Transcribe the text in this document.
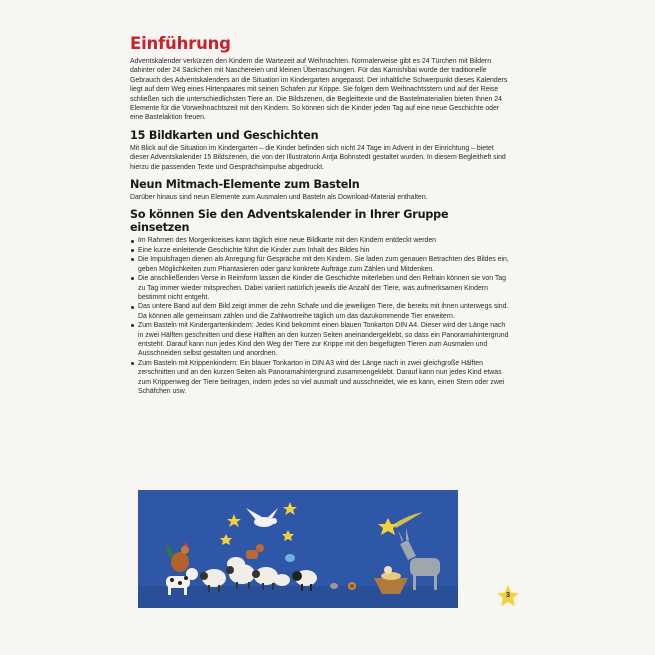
Einführung

Adventskalender verkürzen den Kindern die Wartezeit auf Weihnachten. Normalerweise gibt es 24 Türchen mit Bildern dahinter oder 24 Säckchen mit Naschereien und kleinen Überraschungen. Für das Kamishibai wurde der traditionelle Gebrauch des Adventskalenders an die Situation im Kindergarten angepasst. Der inhaltliche Schwerpunkt dieses Kalenders liegt auf dem Weg eines Hirtenpaares mit seinen Schafen zur Krippe. Sie folgen dem Weihnachtsstern und auf der Reise schließen sich die unterschiedlichsten Tiere an. Die Bildszenen, die Begleittexte und die Bastelmaterialien bieten Ihnen 24 Elemente für die Vorweihnachtszeit mit den Kindern. So können sich die Kinder jeden Tag auf eine neue Geschichte oder eine Bastelaktion freuen.

15 Bildkarten und Geschichten

Mit Blick auf die Situation im Kindergarten – die Kinder befinden sich nicht 24 Tage im Advent in der Einrichtung – bietet dieser Adventskalender 15 Bildszenen, die von der Illustratorin Antja Bohnstedt gestaltet wurden. In diesem Begleitheft sind hierzu die passenden Texte und Gesprächsimpulse abgedruckt.

Neun Mitmach-Elemente zum Basteln

Darüber hinaus sind neun Elemente zum Ausmalen und Basteln als Download-Material enthalten.

So können Sie den Adventskalender in Ihrer Gruppe einsetzen
Im Rahmen des Morgenkreises kann täglich eine neue Bildkarte mit den Kindern entdeckt werden
Eine kurze einleitende Geschichte führt die Kinder zum Inhalt des Bildes hin
Die Impulsfragen dienen als Anregung für Gespräche mit den Kindern. Sie laden zum genauen Betrachten des Bildes ein, geben Möglichkeiten zum Phantasieren oder ganz konkrete Aufträge zum Zählen und Mitdenken.
Die anschließenden Verse in Reimform lassen die Kinder die Geschichte miterleben und den Refrain können sie von Tag zu Tag immer wieder mitsprechen. Dabei variiert natürlich jeweils die Anzahl der Tiere, was aufmerksamen Kindern bestimmt nicht entgeht.
Das untere Band auf dem Bild zeigt immer die zehn Schafe und die jeweiligen Tiere, die bereits mit ihnen unterwegs sind. Da können alle gemeinsam zählen und die Zahlwortreihe täglich um das dazukommende Tier erweitern.
Zum Basteln mit Kindergartenkindern: Jedes Kind bekommt einen blauen Tonkarton DIN A4. Dieser wird der Länge nach in zwei Hälften geschnitten und diese Hälften an den kurzen Seiten aneinandergeklebt, so dass ein Panoramahintergrund entsteht. Darauf kann nun jedes Kind den Weg der Tiere zur Krippe mit den beigefügten Tieren zum Ausmalen und Ausschneiden selbst gestalten und anordnen.
Zum Basteln mit Krippenkindern: Ein blauer Tonkarton in DIN A3 wird der Länge nach in zwei gleichgroße Hälften zerschnitten und an den kurzen Seiten als Panoramahintergrund zusammengeklebt. Darauf kann nun jedes Kind etwas zum Krippenweg der Tiere beitragen, indem jedes so viel ausmalt und ausschneidet, wie es kann, einen Stern oder zwei Schäfchen usw.
3
